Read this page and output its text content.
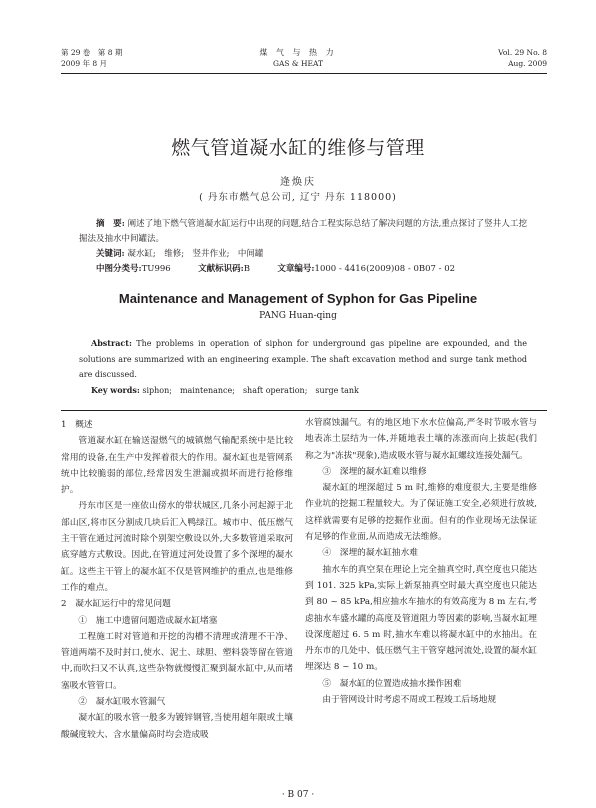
第 29 卷　第 8 期
2009 年 8 月
煤 气 与 热 力
GAS & HEAT
Vol. 29 No. 8
Aug. 2009
燃气管道凝水缸的维修与管理
逄焕庆
( 丹东市燃气总公司, 辽宁 丹东 118000)
摘　要: 阐述了地下燃气管道凝水缸运行中出现的问题,结合工程实际总结了解决问题的方法,重点探讨了竖井人工挖掘法及抽水中间罐法。
关键词: 凝水缸;　维修;　竖井作业;　中间罐
中图分类号:TU996	文献标识码:B	文章编号:1000 - 4416(2009)08 - 0B07 - 02
Maintenance and Management of Syphon for Gas Pipeline
PANG Huan-qing
Abstract: The problems in operation of siphon for underground gas pipeline are expounded, and the solutions are summarized with an engineering example. The shaft excavation method and surge tank method are discussed.
Key words: siphon;　maintenance;　shaft operation;　surge tank

1　概述

管道凝水缸在输送湿燃气的城镇燃气输配系统中是比较常用的设备,在生产中发挥着很大的作用。凝水缸也是管网系统中比较脆弱的部位,经常因发生泄漏或损坏而进行抢修维护。

丹东市区是一座依山傍水的带状城区,几条小河起源于北部山区,将市区分割成几块后汇入鸭绿江。城市中、低压燃气主干管在通过河流时除个别架空敷设以外,大多数管道采取河底穿越方式敷设。因此,在管道过河处设置了多个深埋的凝水缸。这些主干管上的凝水缸不仅是管网维护的重点,也是维修工作的难点。

2　凝水缸运行中的常见问题

①　施工中遗留问题造成凝水缸堵塞

工程施工时对管道和开挖的沟槽不清理或清理不干净、管道两端不及时封口,使水、泥土、球胆、塑料袋等留在管道中,而吹扫又不认真,这些杂物就慢慢汇聚到凝水缸中,从而堵塞吸水管管口。

②　凝水缸吸水管漏气

凝水缸的吸水管一般多为镀锌钢管,当使用超年限或土壤酸碱度较大、含水量偏高时均会造成吸

水管腐蚀漏气。有的地区地下水水位偏高,严冬时节吸水管与地表冻土层结为一体,并随地表土壤的冻涨而向上拔起(我们称之为"冻拔"现象),造成吸水管与凝水缸螺纹连接处漏气。

③　深埋的凝水缸难以维修

凝水缸的埋深超过 5 m 时,维修的难度很大,主要是维修作业坑的挖掘工程量较大。为了保证施工安全,必须进行放坡,这样就需要有足够的挖掘作业面。但有的作业现场无法保证有足够的作业面,从而造成无法维修。

④　深埋的凝水缸抽水难

抽水车的真空泵在理论上完全抽真空时,真空度也只能达到 101. 325 kPa,实际上新泵抽真空时最大真空度也只能达到 80 ~ 85 kPa,相应抽水车抽水的有效高度为 8 m 左右,考虑抽水车盛水罐的高度及管道阻力等因素的影响,当凝水缸埋设深度超过 6. 5 m 时,抽水车难以将凝水缸中的水抽出。在丹东市的几处中、低压燃气主干管穿越河流处,设置的凝水缸埋深达 8 ~ 10 m。

⑤　凝水缸的位置造成抽水操作困难

由于管网设计时考虑不周或工程竣工后场地规

· B 07 ·
